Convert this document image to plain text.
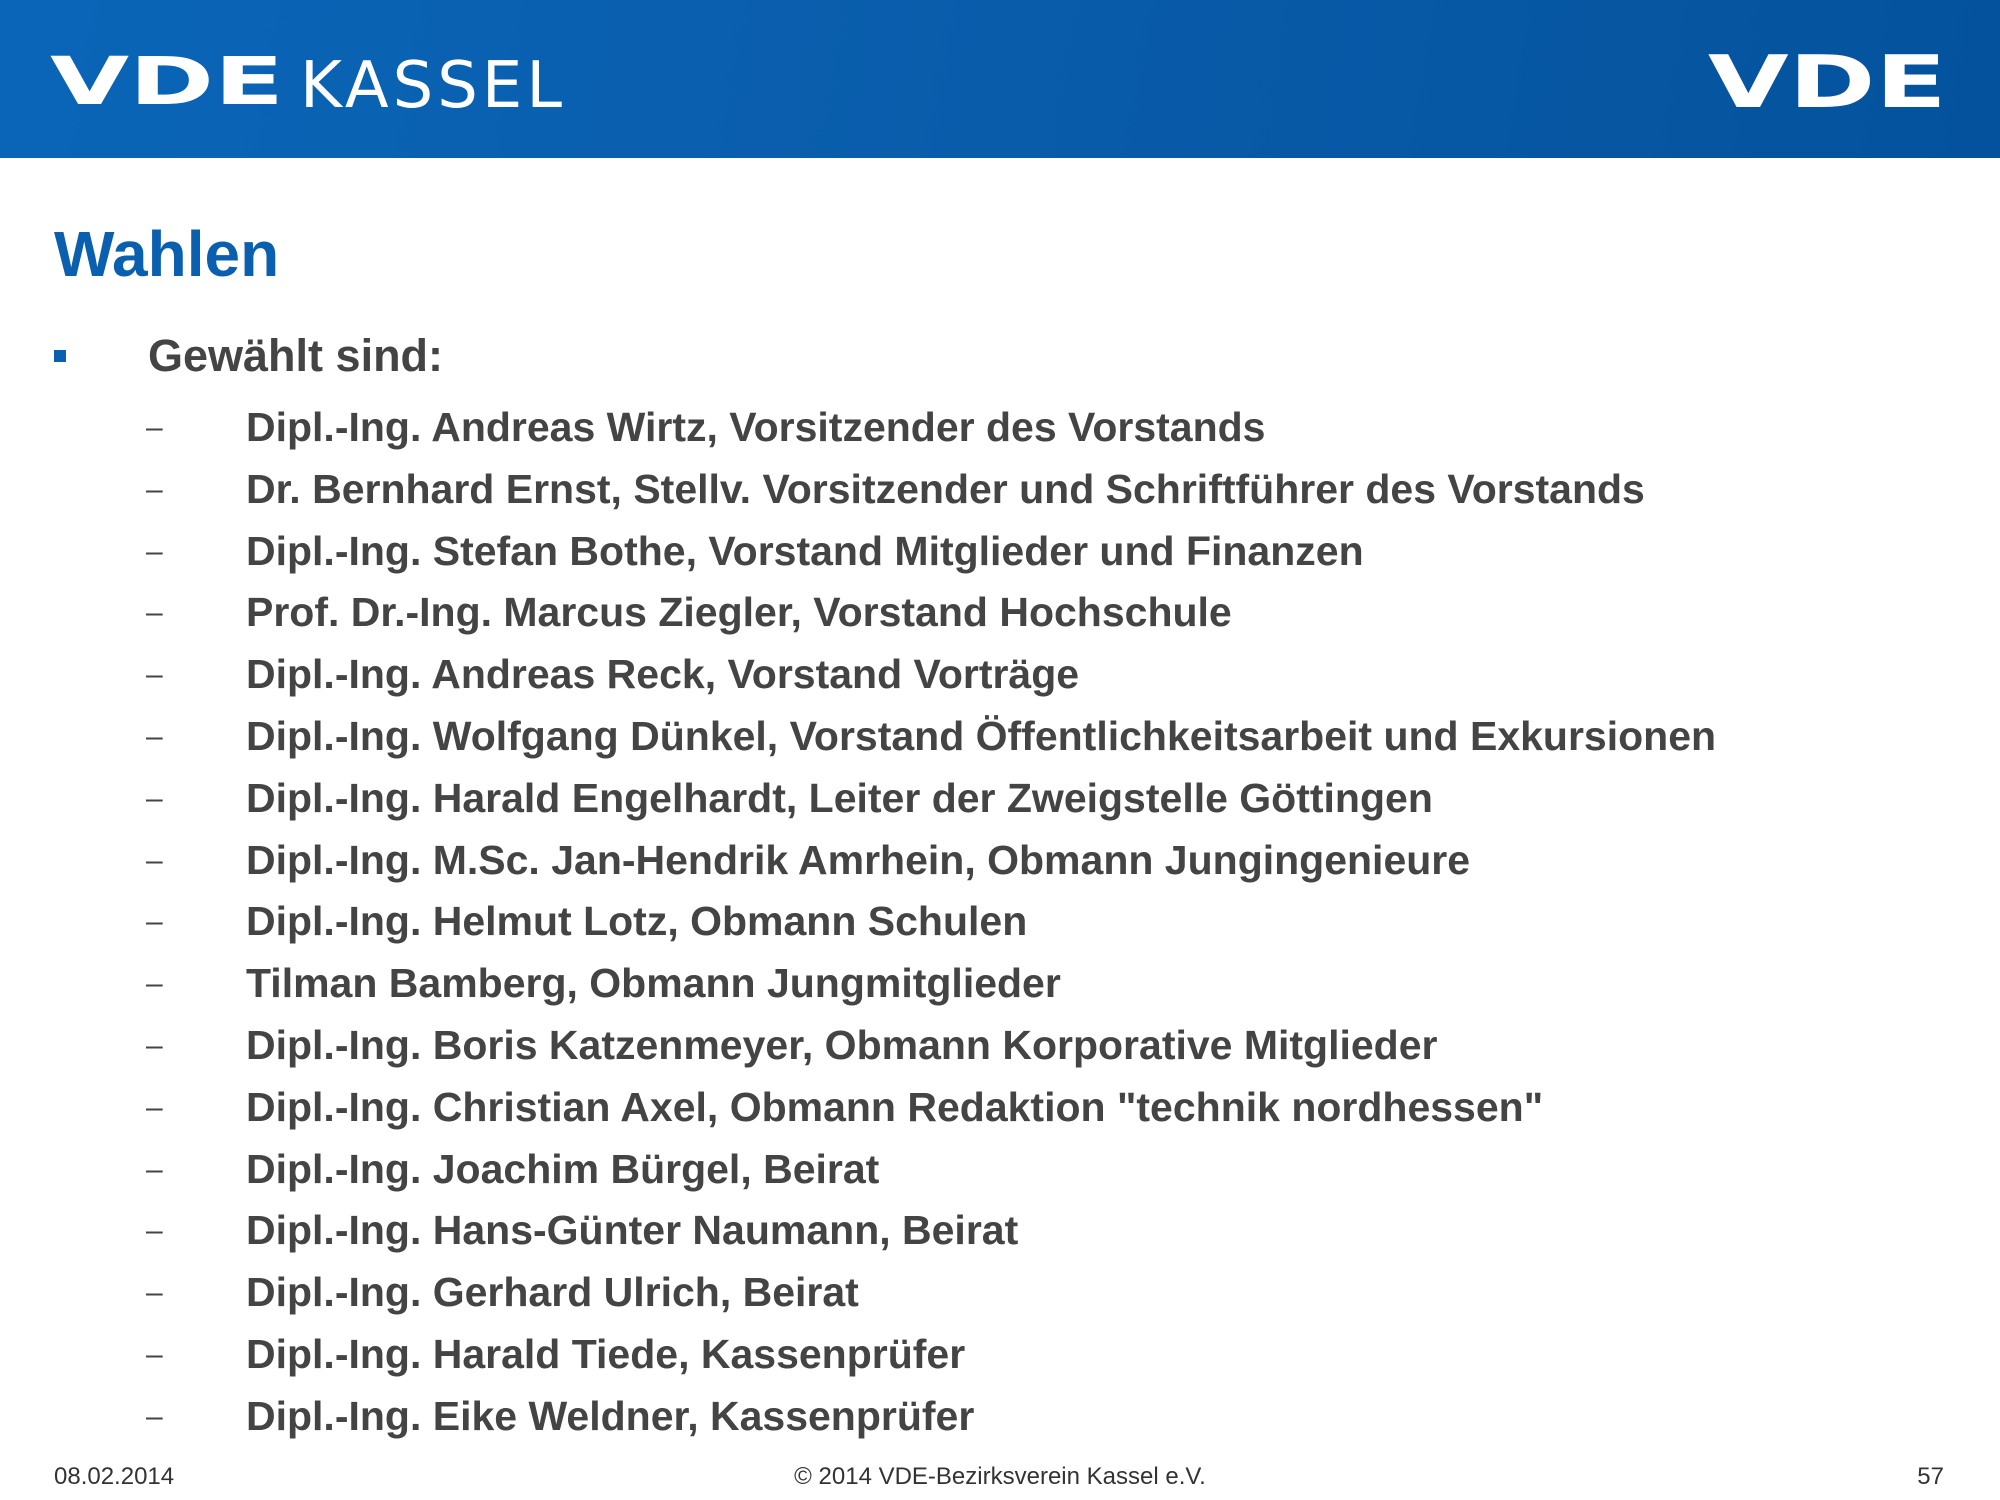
VDE KASSEL	VDE
Wahlen
Gewählt sind:
– Dipl.-Ing. Andreas Wirtz, Vorsitzender des Vorstands
– Dr. Bernhard Ernst, Stellv. Vorsitzender und Schriftführer des Vorstands
– Dipl.-Ing. Stefan Bothe, Vorstand Mitglieder und Finanzen
– Prof. Dr.-Ing. Marcus Ziegler, Vorstand Hochschule
– Dipl.-Ing. Andreas Reck, Vorstand Vorträge
– Dipl.-Ing. Wolfgang Dünkel, Vorstand Öffentlichkeitsarbeit und Exkursionen
– Dipl.-Ing. Harald Engelhardt, Leiter der Zweigstelle Göttingen
– Dipl.-Ing. M.Sc. Jan-Hendrik Amrhein, Obmann Jungingenieure
– Dipl.-Ing. Helmut Lotz, Obmann Schulen
– Tilman Bamberg, Obmann Jungmitglieder
– Dipl.-Ing. Boris Katzenmeyer, Obmann Korporative Mitglieder
– Dipl.-Ing. Christian Axel, Obmann Redaktion "technik nordhessen"
– Dipl.-Ing. Joachim Bürgel, Beirat
– Dipl.-Ing. Hans-Günter Naumann, Beirat
– Dipl.-Ing. Gerhard Ulrich, Beirat
– Dipl.-Ing. Harald Tiede, Kassenprüfer
– Dipl.-Ing. Eike Weldner, Kassenprüfer
08.02.2014	© 2014 VDE-Bezirksverein Kassel e.V.	57
